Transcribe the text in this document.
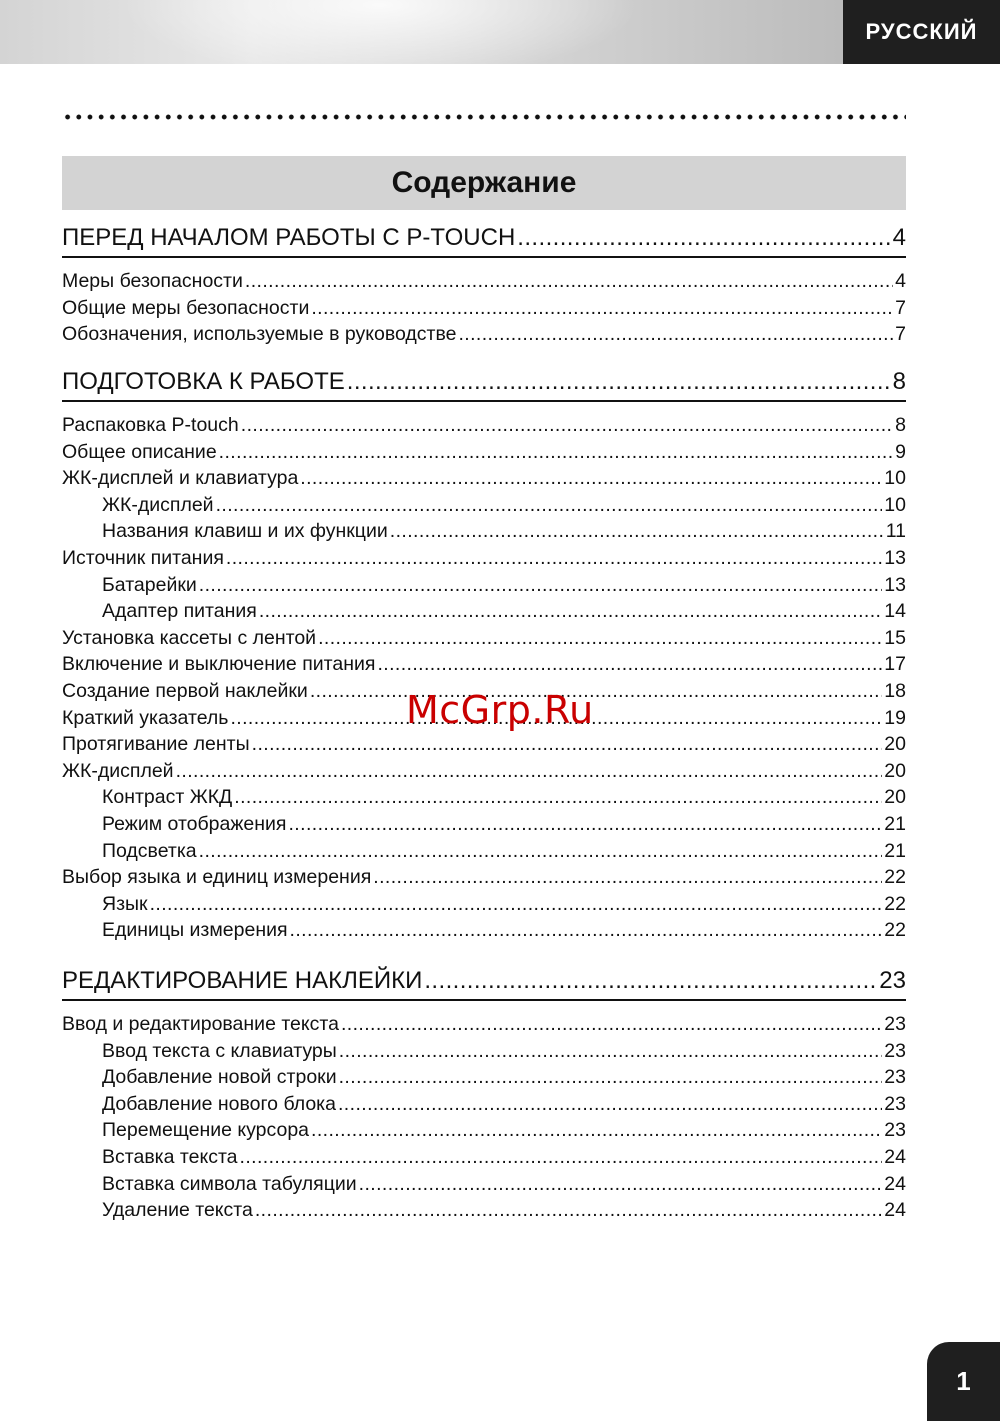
РУССКИЙ
Содержание
ПЕРЕД НАЧАЛОМ РАБОТЫ С P-TOUCH .....	4
Меры безопасности .....	4
Общие меры безопасности .....	7
Обозначения, используемые в руководстве .....	7
ПОДГОТОВКА К РАБОТЕ .....	8
Распаковка P-touch .....	8
Общее описание .....	9
ЖК-дисплей и клавиатура .....	10
ЖК-дисплей .....	10
Названия клавиш и их функции .....	11
Источник питания .....	13
Батарейки .....	13
Адаптер питания .....	14
Установка кассеты с лентой .....	15
Включение и выключение питания .....	17
Создание первой наклейки .....	18
Краткий указатель .....	19
Протягивание ленты .....	20
ЖК-дисплей .....	20
Контраст ЖКД .....	20
Режим отображения .....	21
Подсветка .....	21
Выбор языка и единиц измерения .....	22
Язык .....	22
Единицы измерения .....	22
РЕДАКТИРОВАНИЕ НАКЛЕЙКИ .....	23
Ввод и редактирование текста .....	23
Ввод текста с клавиатуры .....	23
Добавление новой строки .....	23
Добавление нового блока .....	23
Перемещение курсора .....	23
Вставка текста .....	24
Вставка символа табуляции .....	24
Удаление текста .....	24
McGrp.Ru
1
